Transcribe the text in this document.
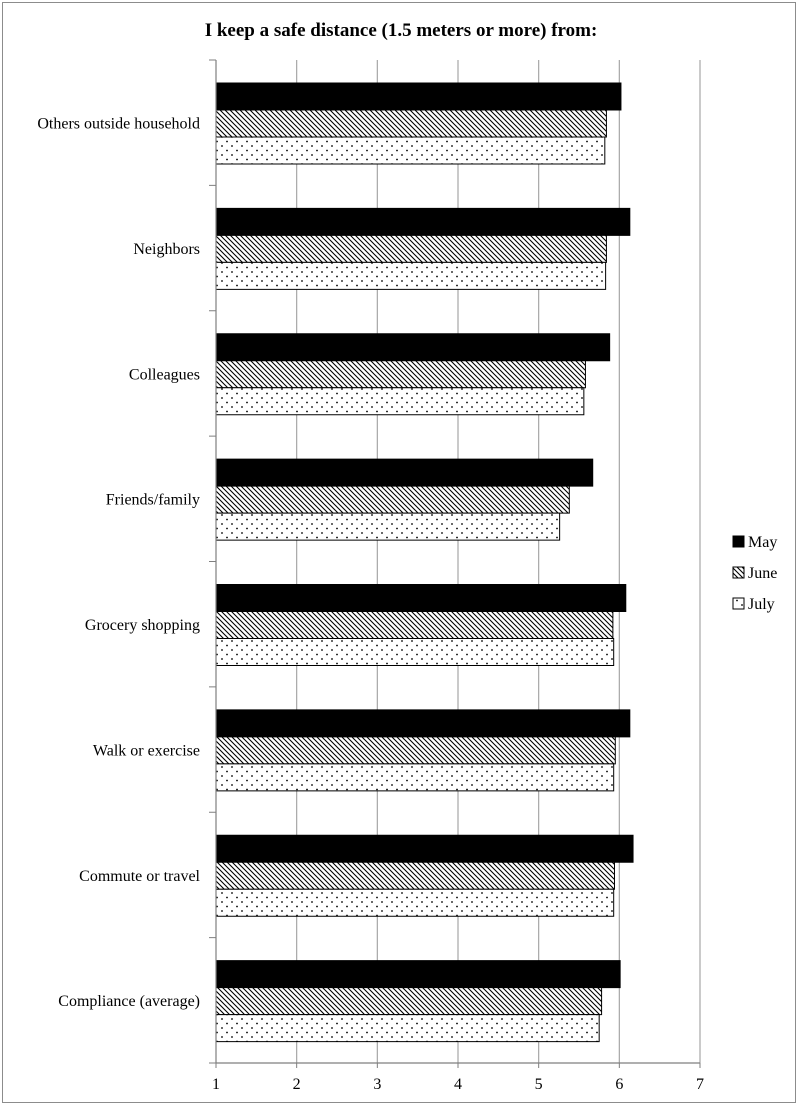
I keep a safe distance (1.5 meters or more) from:
Others outside household
Neighbors
Colleagues
Friends/family
Grocery shopping
Walk or exercise
Commute or travel
Compliance (average)
1	2	3	4	5	6	7
May
June
July
